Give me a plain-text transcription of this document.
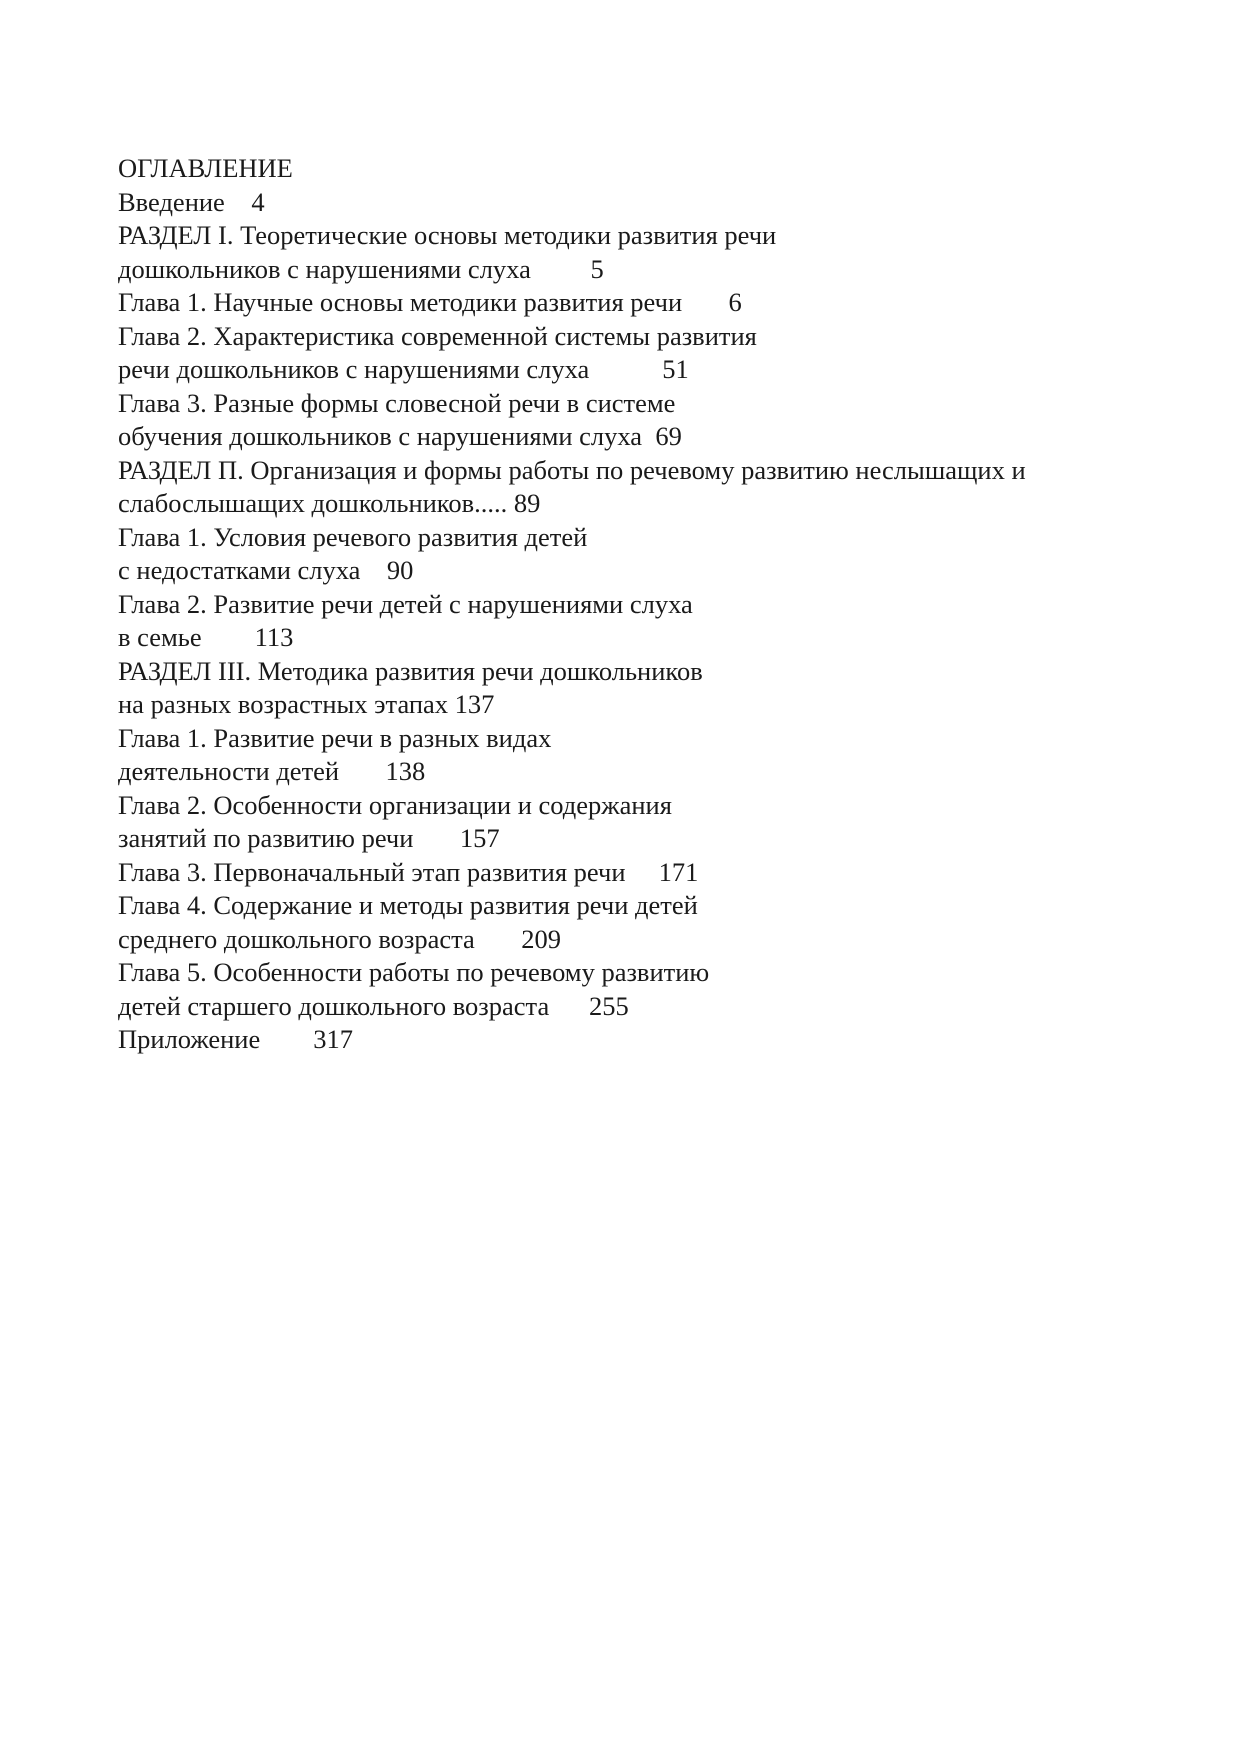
ОГЛАВЛЕНИЕ
Введение    4
РАЗДЕЛ I. Теоретические основы методики развития речи
дошкольников с нарушениями слуха         5
Глава 1. Научные основы методики развития речи       6
Глава 2. Характеристика современной системы развития
речи дошкольников с нарушениями слуха           51
Глава 3. Разные формы словесной речи в системе
обучения дошкольников с нарушениями слуха  69
РАЗДЕЛ П. Организация и формы работы по речевому развитию неслышащих и
слабослышащих дошкольников..... 89
Глава 1. Условия речевого развития детей
с недостатками слуха    90
Глава 2. Развитие речи детей с нарушениями слуха
в семье        113
РАЗДЕЛ III. Методика развития речи дошкольников
на разных возрастных этапах 137
Глава 1. Развитие речи в разных видах
деятельности детей       138
Глава 2. Особенности организации и содержания
занятий по развитию речи       157
Глава 3. Первоначальный этап развития речи     171
Глава 4. Содержание и методы развития речи детей
среднего дошкольного возраста       209
Глава 5. Особенности работы по речевому развитию
детей старшего дошкольного возраста      255
Приложение        317
